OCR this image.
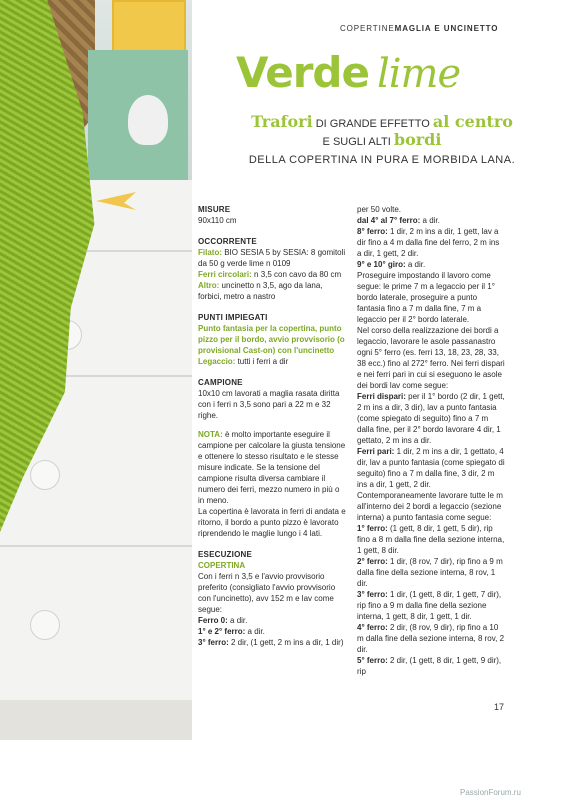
COPERTINEMAGLIA E UNCINETTO
Verde lime
Trafori DI GRANDE EFFETTO al centro
E SUGLI ALTI bordi
DELLA COPERTINA IN PURA E MORBIDA LANA.

MISURE

90x110 cm

OCCORRENTE

Filato: BIO SESIA 5 by SESIA: 8 gomitoli da 50 g verde lime n 0109

Ferri circolari: n 3,5 con cavo da 80 cm

Altro: uncinetto n 3,5, ago da lana, forbici, metro a nastro

PUNTI IMPIEGATI

Punto fantasia per la copertina, punto pizzo per il bordo, avvio provvisorio (o provisional Cast-on) con l'uncinetto

Legaccio: tutti i ferri a dir

CAMPIONE

10x10 cm lavorati a maglia rasata diritta con i ferri n 3,5 sono pari a 22 m e 32 righe.

NOTA: è molto importante eseguire il campione per calcolare la giusta tensione e ottenere lo stesso risultato e le stesse misure indicate. Se la tensione del campione risulta diversa cambiare il numero dei ferri, mezzo numero in più o in meno.

La copertina è lavorata in ferri di andata e ritorno, il bordo a punto pizzo è lavorato riprendendo le maglie lungo i 4 lati.

ESECUZIONE

COPERTINA

Con i ferri n 3,5 e l'avvio provvisorio preferito (consigliato l'avvio provvisorio con l'uncinetto), avv 152 m e lav come segue:

Ferro 0: a dir.

1° e 2° ferro: a dir.

3° ferro: 2 dir, (1 gett, 2 m ins a dir, 1 dir)

per 50 volte.

dal 4° al 7° ferro: a dir.

8° ferro: 1 dir, 2 m ins a dir, 1 gett, lav a dir fino a 4 m dalla fine del ferro, 2 m ins a dir, 1 gett, 2 dir.

9° e 10° giro: a dir.

Proseguire impostando il lavoro come segue: le prime 7 m a legaccio per il 1° bordo laterale, proseguire a punto fantasia fino a 7 m dalla fine, 7 m a legaccio per il 2° bordo laterale.

Nel corso della realizzazione dei bordi a legaccio, lavorare le asole passanastro ogni 5° ferro (es. ferri 13, 18, 23, 28, 33, 38 ecc.) fino al 272° ferro. Nei ferri dispari e nei ferri pari in cui si eseguono le asole dei bordi lav come segue:

Ferri dispari: per il 1° bordo (2 dir, 1 gett, 2 m ins a dir, 3 dir), lav a punto fantasia (come spiegato di seguito) fino a 7 m dalla fine, per il 2° bordo lavorare 4 dir, 1 gettato, 2 m ins a dir.

Ferri pari: 1 dir, 2 m ins a dir, 1 gettato, 4 dir, lav a punto fantasia (come spiegato di seguito) fino a 7 m dalla fine, 3 dir, 2 m ins a dir, 1 gett, 2 dir.

Contemporaneamente lavorare tutte le m all'interno dei 2 bordi a legaccio (sezione interna) a punto fantasia come segue:

1° ferro: (1 gett, 8 dir, 1 gett, 5 dir), rip fino a 8 m dalla fine della sezione interna, 1 gett, 8 dir.

2° ferro: 1 dir, (8 rov, 7 dir), rip fino a 9 m dalla fine della sezione interna, 8 rov, 1 dir.

3° ferro: 1 dir, (1 gett, 8 dir, 1 gett, 7 dir), rip fino a 9 m dalla fine della sezione interna, 1 gett, 8 dir, 1 gett, 1 dir.

4° ferro: 2 dir, (8 rov, 9 dir), rip fino a 10 m dalla fine della sezione interna, 8 rov, 2 dir.

5° ferro: 2 dir, (1 gett, 8 dir, 1 gett, 9 dir), rip

17
PassionForum.ru
